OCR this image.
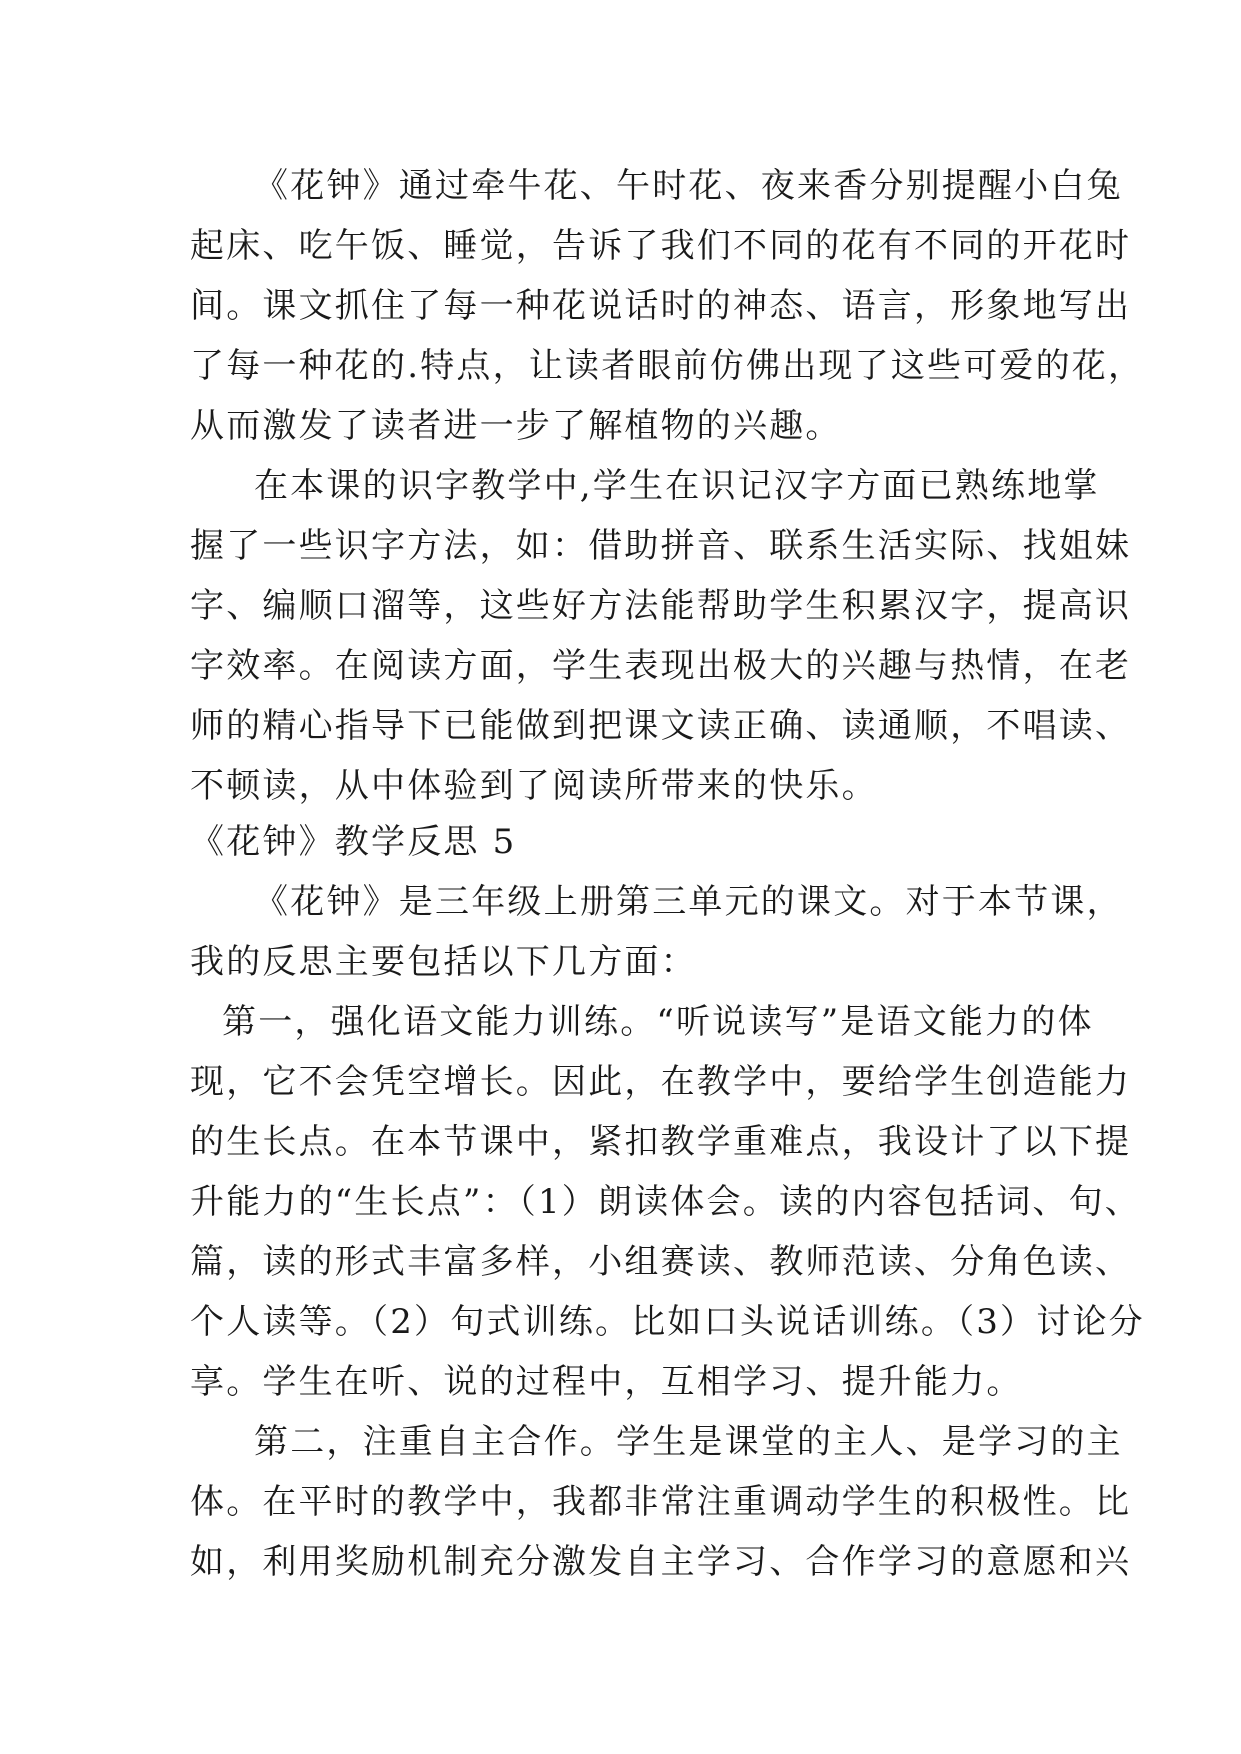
《花钟》通过牵牛花、午时花、夜来香分别提醒小白兔
起床、吃午饭、睡觉，告诉了我们不同的花有不同的开花时
间。课文抓住了每一种花说话时的神态、语言，形象地写出
了每一种花的.特点，让读者眼前仿佛出现了这些可爱的花，
从而激发了读者进一步了解植物的兴趣。
在本课的识字教学中,学生在识记汉字方面已熟练地掌
握了一些识字方法，如：借助拼音、联系生活实际、找姐妹
字、编顺口溜等，这些好方法能帮助学生积累汉字，提高识
字效率。在阅读方面，学生表现出极大的兴趣与热情，在老
师的精心指导下已能做到把课文读正确、读通顺，不唱读、
不顿读，从中体验到了阅读所带来的快乐。
《花钟》教学反思 5
《花钟》是三年级上册第三单元的课文。对于本节课，
我的反思主要包括以下几方面：
第一，强化语文能力训练。“听说读写”是语文能力的体
现，它不会凭空增长。因此，在教学中，要给学生创造能力
的生长点。在本节课中，紧扣教学重难点，我设计了以下提
升能力的“生长点”：（1）朗读体会。读的内容包括词、句、
篇，读的形式丰富多样，小组赛读、教师范读、分角色读、
个人读等。（2）句式训练。比如口头说话训练。（3）讨论分
享。学生在听、说的过程中，互相学习、提升能力。
第二，注重自主合作。学生是课堂的主人、是学习的主
体。在平时的教学中，我都非常注重调动学生的积极性。比
如，利用奖励机制充分激发自主学习、合作学习的意愿和兴
